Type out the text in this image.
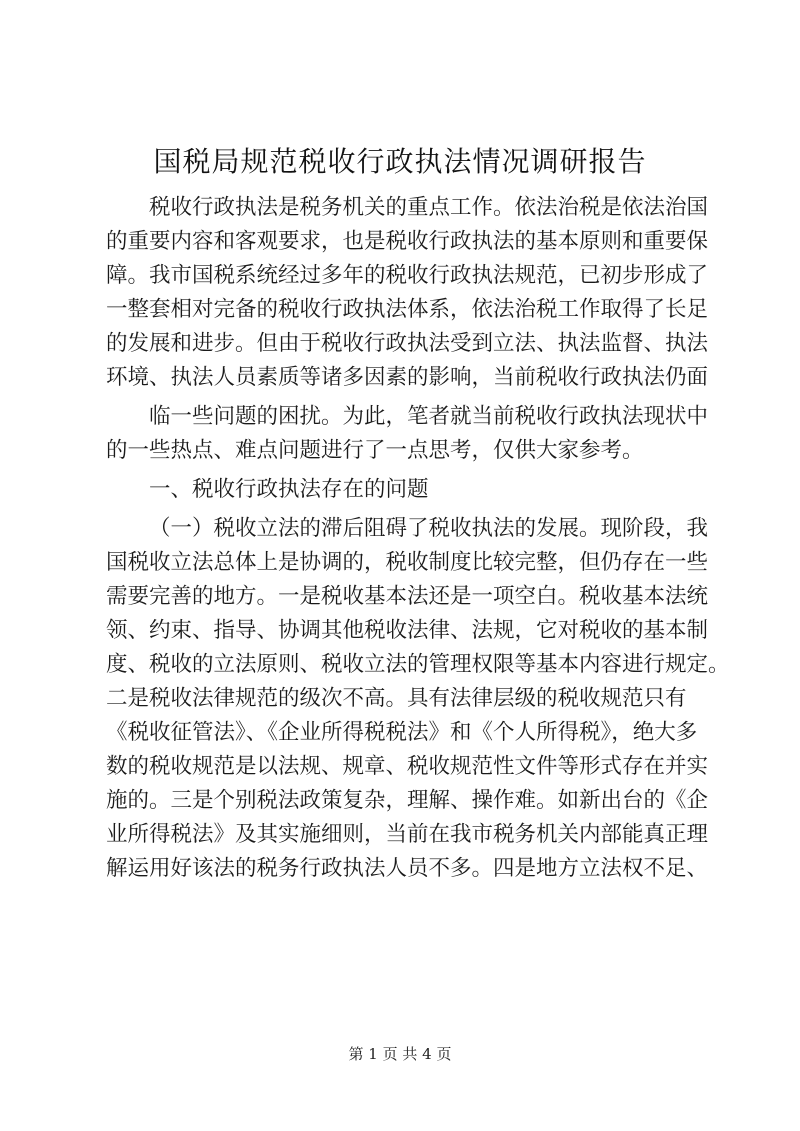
国税局规范税收行政执法情况调研报告
税收行政执法是税务机关的重点工作。依法治税是依法治国
的重要内容和客观要求，也是税收行政执法的基本原则和重要保
障。我市国税系统经过多年的税收行政执法规范，已初步形成了
一整套相对完备的税收行政执法体系，依法治税工作取得了长足
的发展和进步。但由于税收行政执法受到立法、执法监督、执法
环境、执法人员素质等诸多因素的影响，当前税收行政执法仍面
临一些问题的困扰。为此，笔者就当前税收行政执法现状中
的一些热点、难点问题进行了一点思考，仅供大家参考。
一、税收行政执法存在的问题
（一）税收立法的滞后阻碍了税收执法的发展。现阶段，我
国税收立法总体上是协调的，税收制度比较完整，但仍存在一些
需要完善的地方。一是税收基本法还是一项空白。税收基本法统
领、约束、指导、协调其他税收法律、法规，它对税收的基本制
度、税收的立法原则、税收立法的管理权限等基本内容进行规定。
二是税收法律规范的级次不高。具有法律层级的税收规范只有
《税收征管法》、《企业所得税税法》和《个人所得税》，绝大多
数的税收规范是以法规、规章、税收规范性文件等形式存在并实
施的。三是个别税法政策复杂，理解、操作难。如新出台的《企
业所得税法》及其实施细则，当前在我市税务机关内部能真正理
解运用好该法的税务行政执法人员不多。四是地方立法权不足、
第 1 页 共 4 页
